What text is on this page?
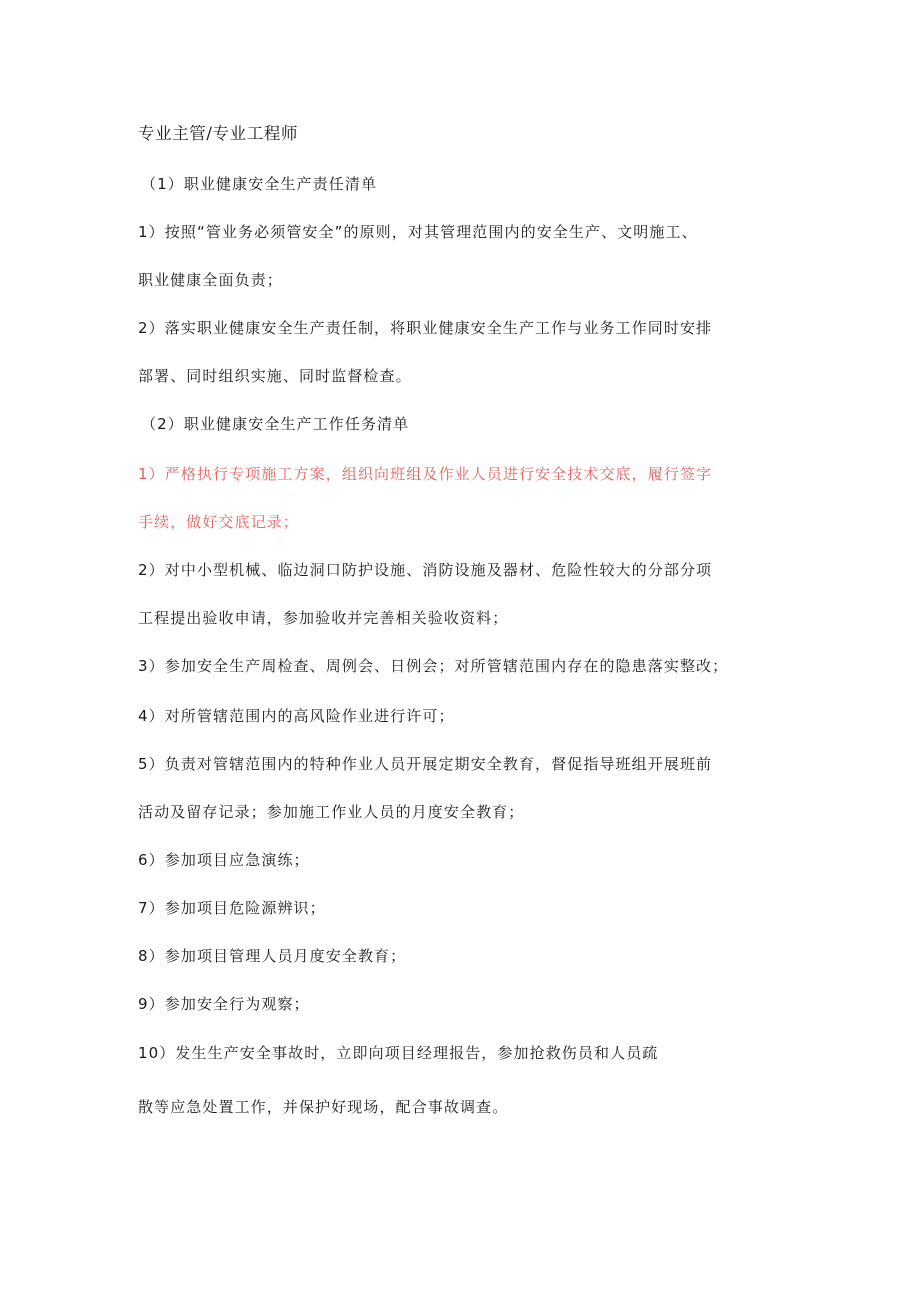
专业主管/专业工程师
（1）职业健康安全生产责任清单
1）按照“管业务必须管安全”的原则，对其管理范围内的安全生产、文明施工、
职业健康全面负责；
2）落实职业健康安全生产责任制，将职业健康安全生产工作与业务工作同时安排
部署、同时组织实施、同时监督检查。
（2）职业健康安全生产工作任务清单
1）严格执行专项施工方案，组织向班组及作业人员进行安全技术交底，履行签字
手续，做好交底记录；
2）对中小型机械、临边洞口防护设施、消防设施及器材、危险性较大的分部分项
工程提出验收申请，参加验收并完善相关验收资料；
3）参加安全生产周检查、周例会、日例会；对所管辖范围内存在的隐患落实整改；
4）对所管辖范围内的高风险作业进行许可；
5）负责对管辖范围内的特种作业人员开展定期安全教育，督促指导班组开展班前
活动及留存记录；参加施工作业人员的月度安全教育；
6）参加项目应急演练；
7）参加项目危险源辨识；
8）参加项目管理人员月度安全教育；
9）参加安全行为观察；
10）发生生产安全事故时，立即向项目经理报告，参加抢救伤员和人员疏
散等应急处置工作，并保护好现场，配合事故调查。
